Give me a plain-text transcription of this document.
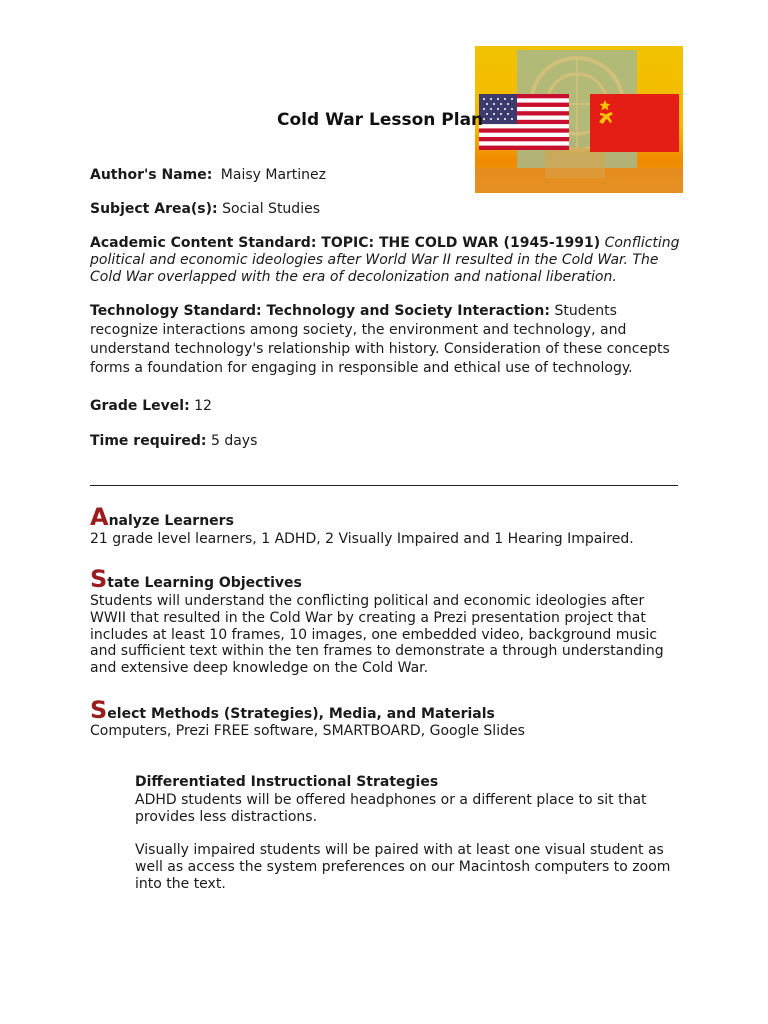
Cold War Lesson Plan
Author's Name: Maisy Martinez
Subject Area(s): Social Studies
Academic Content Standard: TOPIC: THE COLD WAR (1945-1991) Conflicting political and economic ideologies after World War II resulted in the Cold War. The Cold War overlapped with the era of decolonization and national liberation.
Technology Standard: Technology and Society Interaction: Students recognize interactions among society, the environment and technology, and understand technology's relationship with history. Consideration of these concepts forms a foundation for engaging in responsible and ethical use of technology.
Grade Level: 12
Time required: 5 days
Analyze Learners
21 grade level learners, 1 ADHD, 2 Visually Impaired and 1 Hearing Impaired.
State Learning Objectives
Students will understand the conflicting political and economic ideologies after WWII that resulted in the Cold War by creating a Prezi presentation project that includes at least 10 frames, 10 images, one embedded video, background music and sufficient text within the ten frames to demonstrate a through understanding and extensive deep knowledge on the Cold War.
Select Methods (Strategies), Media, and Materials
Computers, Prezi FREE software, SMARTBOARD, Google Slides
Differentiated Instructional Strategies
ADHD students will be offered headphones or a different place to sit that provides less distractions.
Visually impaired students will be paired with at least one visual student as well as access the system preferences on our Macintosh computers to zoom into the text.
